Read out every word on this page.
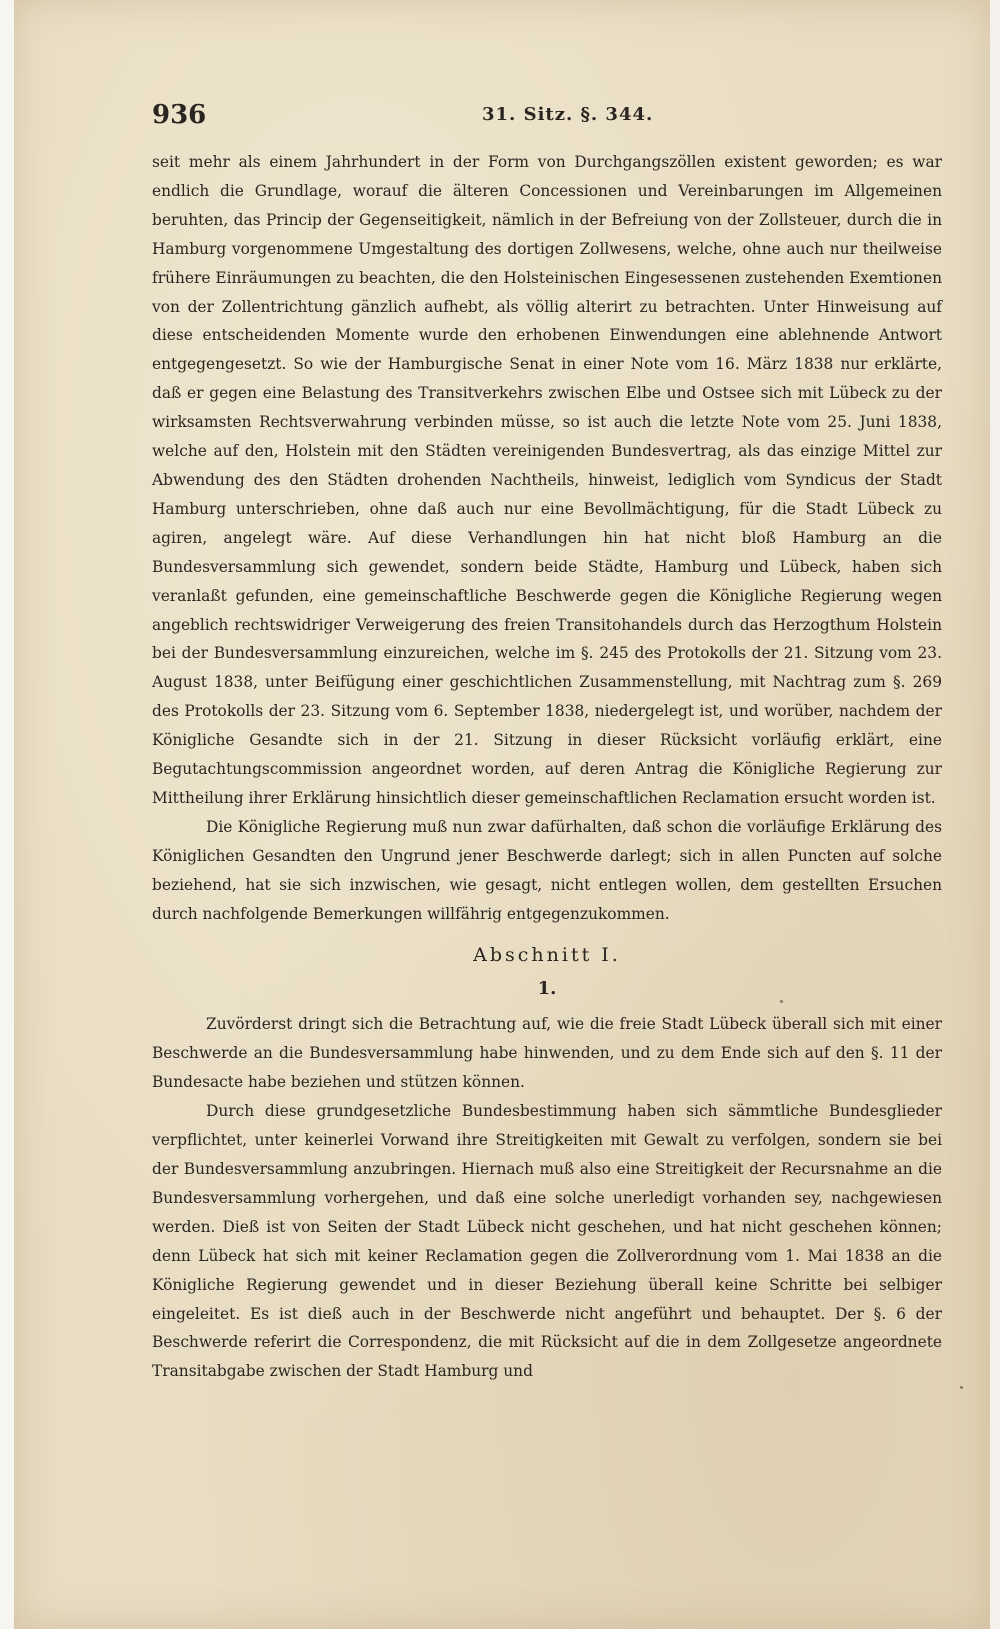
936	31. Sitz. §. 344.

seit mehr als einem Jahrhundert in der Form von Durchgangszöllen existent geworden; es war endlich die Grundlage, worauf die älteren Concessionen und Vereinbarungen im Allgemeinen beruhten, das Princip der Gegenseitigkeit, nämlich in der Befreiung von der Zollsteuer, durch die in Hamburg vorgenommene Umgestaltung des dortigen Zollwesens, welche, ohne auch nur theilweise frühere Einräumungen zu beachten, die den Holsteinischen Eingesessenen zustehenden Exemtionen von der Zollentrichtung gänzlich aufhebt, als völlig alterirt zu betrachten. Unter Hinweisung auf diese entscheidenden Momente wurde den erhobenen Einwendungen eine ablehnende Antwort entgegengesetzt. So wie der Hamburgische Senat in einer Note vom 16. März 1838 nur erklärte, daß er gegen eine Belastung des Transitverkehrs zwischen Elbe und Ostsee sich mit Lübeck zu der wirksamsten Rechtsverwahrung verbinden müsse, so ist auch die letzte Note vom 25. Juni 1838, welche auf den, Holstein mit den Städten vereinigenden Bundesvertrag, als das einzige Mittel zur Abwendung des den Städten drohenden Nachtheils, hinweist, lediglich vom Syndicus der Stadt Hamburg unterschrieben, ohne daß auch nur eine Bevollmächtigung, für die Stadt Lübeck zu agiren, angelegt wäre. Auf diese Verhandlungen hin hat nicht bloß Hamburg an die Bundesversammlung sich gewendet, sondern beide Städte, Hamburg und Lübeck, haben sich veranlaßt gefunden, eine gemeinschaftliche Beschwerde gegen die Königliche Regierung wegen angeblich rechtswidriger Verweigerung des freien Transitohandels durch das Herzogthum Holstein bei der Bundesversammlung einzureichen, welche im §. 245 des Protokolls der 21. Sitzung vom 23. August 1838, unter Beifügung einer geschichtlichen Zusammenstellung, mit Nachtrag zum §. 269 des Protokolls der 23. Sitzung vom 6. September 1838, niedergelegt ist, und worüber, nachdem der Königliche Gesandte sich in der 21. Sitzung in dieser Rücksicht vorläufig erklärt, eine Begutachtungscommission angeordnet worden, auf deren Antrag die Königliche Regierung zur Mittheilung ihrer Erklärung hinsichtlich dieser gemeinschaftlichen Reclamation ersucht worden ist.

Die Königliche Regierung muß nun zwar dafürhalten, daß schon die vorläufige Erklärung des Königlichen Gesandten den Ungrund jener Beschwerde darlegt; sich in allen Puncten auf solche beziehend, hat sie sich inzwischen, wie gesagt, nicht entlegen wollen, dem gestellten Ersuchen durch nachfolgende Bemerkungen willfährig entgegenzukommen.

Abschnitt I.

1.

Zuvörderst dringt sich die Betrachtung auf, wie die freie Stadt Lübeck überall sich mit einer Beschwerde an die Bundesversammlung habe hinwenden, und zu dem Ende sich auf den §. 11 der Bundesacte habe beziehen und stützen können.

Durch diese grundgesetzliche Bundesbestimmung haben sich sämmtliche Bundesglieder verpflichtet, unter keinerlei Vorwand ihre Streitigkeiten mit Gewalt zu verfolgen, sondern sie bei der Bundesversammlung anzubringen. Hiernach muß also eine Streitigkeit der Recursnahme an die Bundesversammlung vorhergehen, und daß eine solche unerledigt vorhanden sey, nachgewiesen werden. Dieß ist von Seiten der Stadt Lübeck nicht geschehen, und hat nicht geschehen können; denn Lübeck hat sich mit keiner Reclamation gegen die Zollverordnung vom 1. Mai 1838 an die Königliche Regierung gewendet und in dieser Beziehung überall keine Schritte bei selbiger eingeleitet. Es ist dieß auch in der Beschwerde nicht angeführt und behauptet. Der §. 6 der Beschwerde referirt die Correspondenz, die mit Rücksicht auf die in dem Zollgesetze angeordnete Transitabgabe zwischen der Stadt Hamburg und
